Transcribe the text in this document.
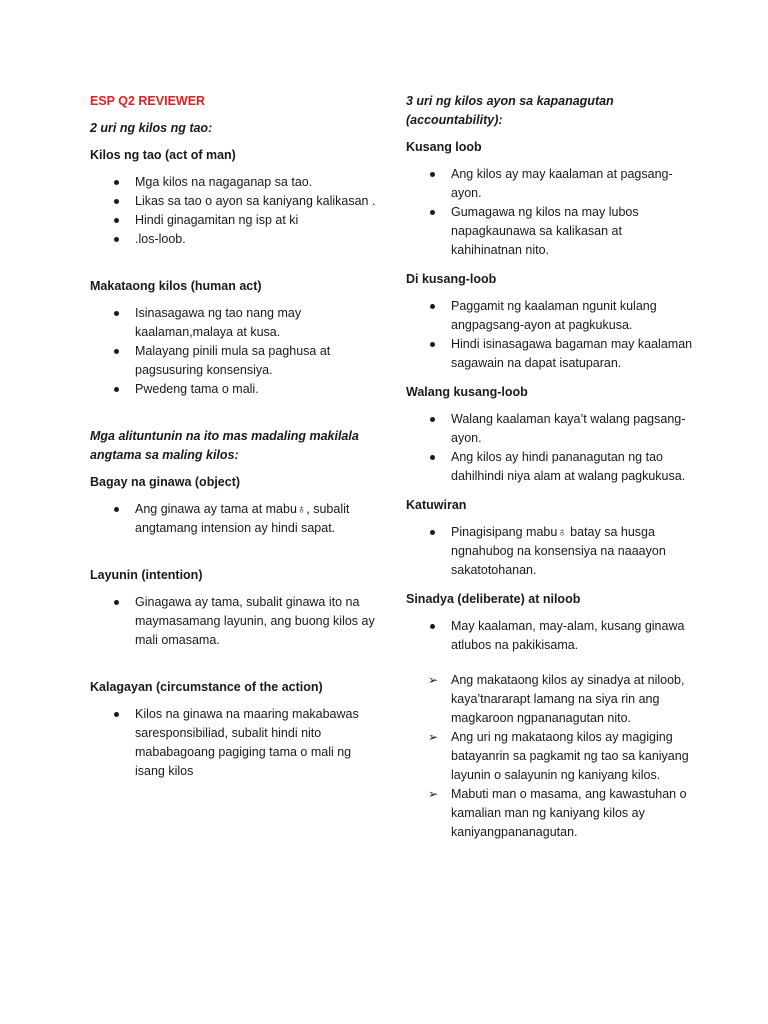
ESP Q2 REVIEWER
2 uri ng kilos ng tao:
Kilos ng tao (act of man)
Mga kilos na nagaganap sa tao.
Likas sa tao o ayon sa kaniyang kalikasan .
Hindi ginagamitan ng isp at ki
.los-loob.
Makataong kilos (human act)
Isinasagawa ng tao nang may kaalaman,malaya at kusa.
Malayang pinili mula sa paghusa at pagsusuring konsensiya.
Pwedeng tama o mali.
Mga alituntunin na ito mas madaling makilala angtama sa maling kilos:
Bagay na ginawa (object)
Ang ginawa ay tama at mabu♁, subalit angtamang intension ay hindi sapat.
Layunin (intention)
Ginagawa ay tama, subalit ginawa ito na maymasamang layunin, ang buong kilos ay mali omasama.
Kalagayan (circumstance of the action)
Kilos na ginawa na maaring makabawas saresponsibiliad, subalit hindi nito mababagoang pagiging tama o mali ng isang kilos
3 uri ng kilos ayon sa kapanagutan (accountability):
Kusang loob
Ang kilos ay may kaalaman at pagsang-ayon.
Gumagawa ng kilos na may lubos napagkaunawa sa kalikasan at kahihinatnan nito.
Di kusang-loob
Paggamit ng kaalaman ngunit kulang angpagsang-ayon at pagkukusa.
Hindi isinasagawa bagaman may kaalaman sagawain na dapat isatuparan.
Walang kusang-loob
Walang kaalaman kaya’t walang pagsang-ayon.
Ang kilos ay hindi pananagutan ng tao dahilhindi niya alam at walang pagkukusa.
Katuwiran
Pinagisipang mabu♁ batay sa husga ngnahubog na konsensiya na naaayon sakatotohanan.
Sinadya (deliberate) at niloob
May kaalaman, may-alam, kusang ginawa atlubos na pakikisama.
➢ Ang makataong kilos ay sinadya at niloob, kaya’tnararapt lamang na siya rin ang magkaroon ngpananagutan nito.
➢ Ang uri ng makataong kilos ay magiging batayanrin sa pagkamit ng tao sa kaniyang layunin o salayunin ng kaniyang kilos.
➢ Mabuti man o masama, ang kawastuhan o kamalian man ng kaniyang kilos ay kaniyangpananagutan.
